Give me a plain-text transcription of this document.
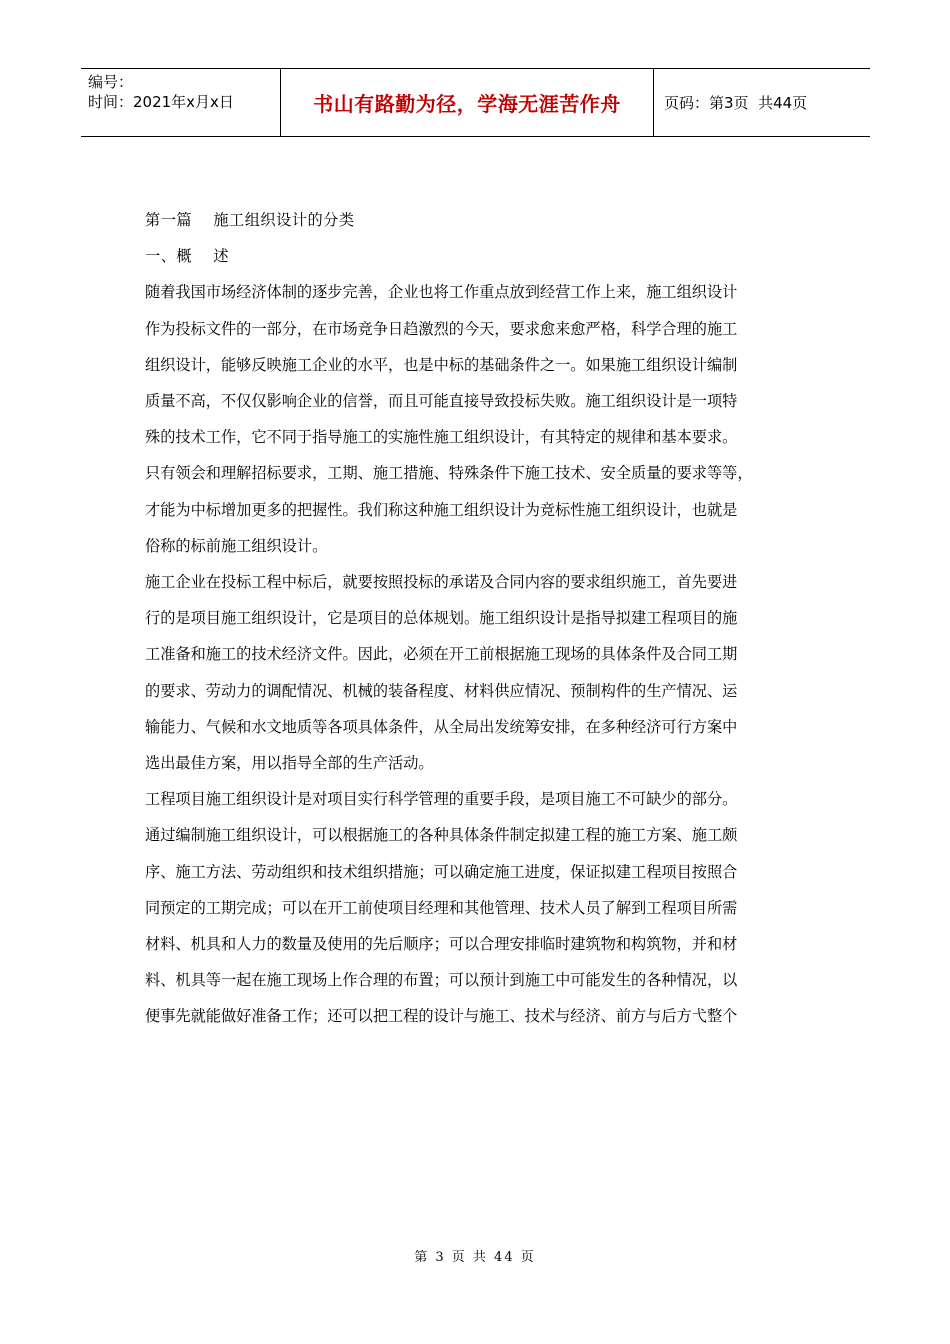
编号：
时间：2021年x月x日	书山有路勤为径，学海无涯苦作舟	页码：第3页  共44页

第一篇    施工组织设计的分类

一、概    述

随着我国市场经济体制的逐步完善，企业也将工作重点放到经营工作上来，施工组织设计

作为投标文件的一部分，在市场竞争日趋激烈的今天，要求愈来愈严格，科学合理的施工

组织设计，能够反映施工企业的水平，也是中标的基础条件之一。如果施工组织设计编制

质量不高，不仅仅影响企业的信誉，而且可能直接导致投标失败。施工组织设计是一项特

殊的技术工作，它不同于指导施工的实施性施工组织设计，有其特定的规律和基本要求。

只有领会和理解招标要求，工期、施工措施、特殊条件下施工技术、安全质量的要求等等，

才能为中标增加更多的把握性。我们称这种施工组织设计为竞标性施工组织设计，也就是

俗称的标前施工组织设计。

施工企业在投标工程中标后，就要按照投标的承诺及合同内容的要求组织施工，首先要进

行的是项目施工组织设计，它是项目的总体规划。施工组织设计是指导拟建工程项目的施

工准备和施工的技术经济文件。因此，必须在开工前根据施工现场的具体条件及合同工期

的要求、劳动力的调配情况、机械的装备程度、材料供应情况、预制构件的生产情况、运

输能力、气候和水文地质等各项具体条件，从全局出发统筹安排，在多种经济可行方案中

选出最佳方案，用以指导全部的生产活动。

工程项目施工组织设计是对项目实行科学管理的重要手段，是项目施工不可缺少的部分。

通过编制施工组织设计，可以根据施工的各种具体条件制定拟建工程的施工方案、施工颇

序、施工方法、劳动组织和技术组织措施；可以确定施工进度，保证拟建工程项目按照合

同预定的工期完成；可以在开工前使项目经理和其他管理、技术人员了解到工程项目所需

材料、机具和人力的数量及使用的先后顺序；可以合理安排临时建筑物和构筑物，并和材

料、机具等一起在施工现场上作合理的布置；可以预计到施工中可能发生的各种情况，以

便事先就能做好准备工作；还可以把工程的设计与施工、技术与经济、前方与后方弋整个

第 3 页 共 44 页
